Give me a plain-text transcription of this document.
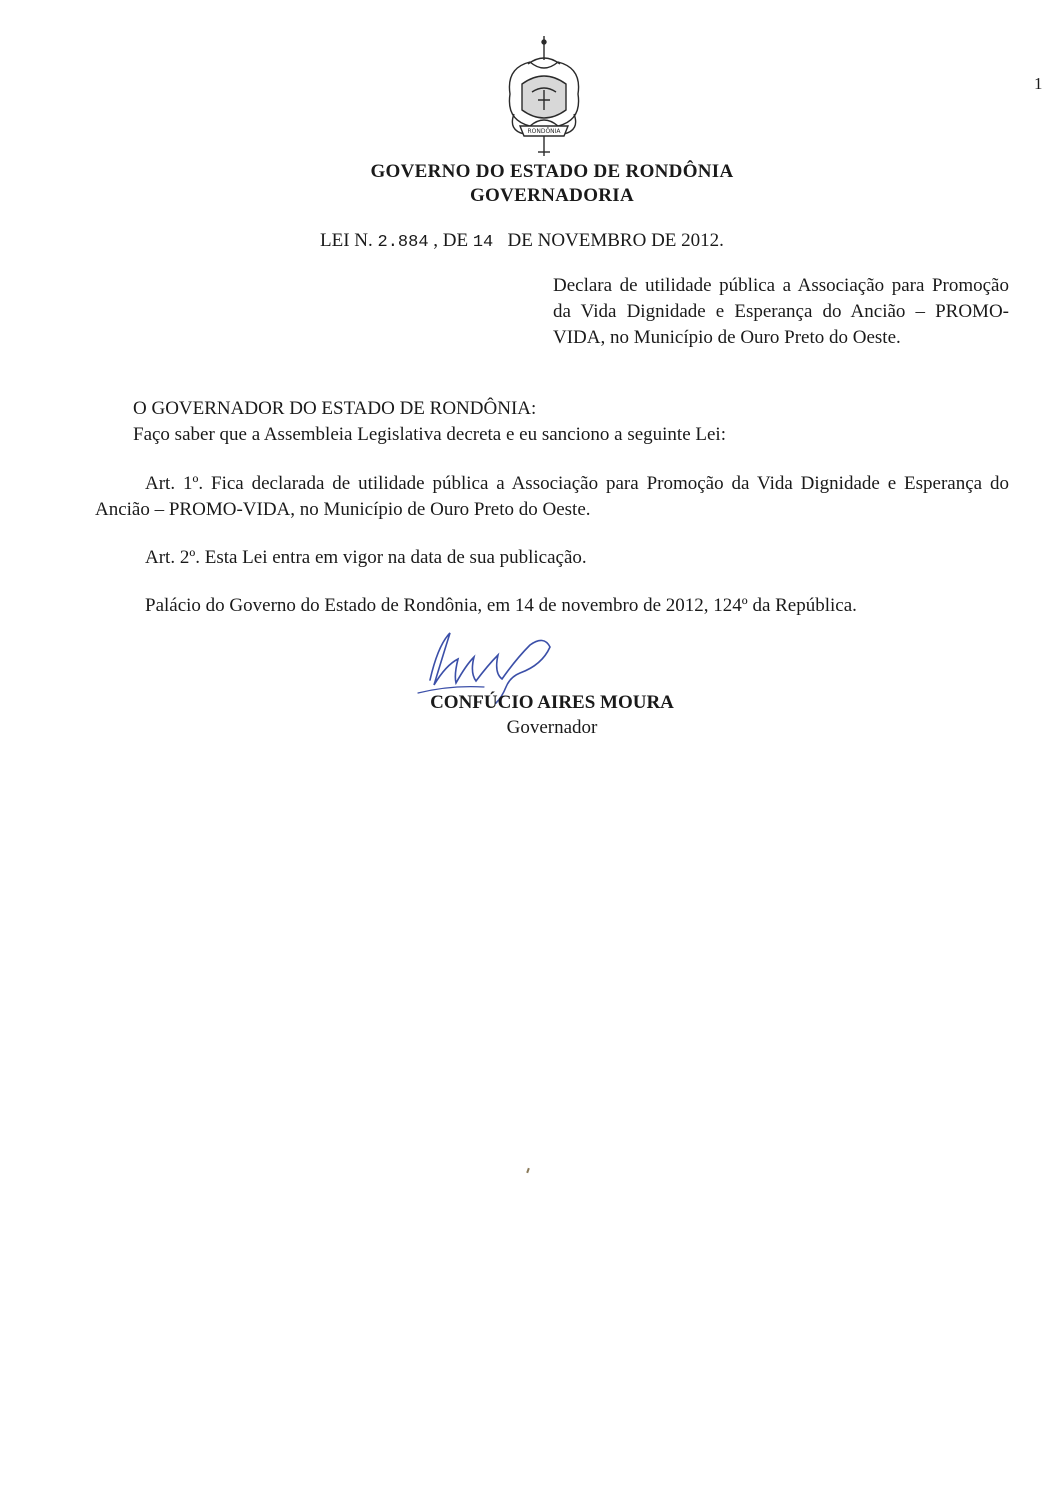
1
RONDÔNIA
GOVERNO DO ESTADO DE RONDÔNIA
GOVERNADORIA
LEI N. 2.884 , DE 14 DE NOVEMBRO DE 2012.
Declara de utilidade pública a Associação para Promoção da Vida Dignidade e Esperança do Ancião – PROMO-VIDA, no Município de Ouro Preto do Oeste.
O GOVERNADOR DO ESTADO DE RONDÔNIA:
Faço saber que a Assembleia Legislativa decreta e eu sanciono a seguinte Lei:
Art. 1º. Fica declarada de utilidade pública a Associação para Promoção da Vida Dignidade e Esperança do Ancião – PROMO-VIDA, no Município de Ouro Preto do Oeste.
Art. 2º. Esta Lei entra em vigor na data de sua publicação.
Palácio do Governo do Estado de Rondônia, em 14 de novembro de 2012, 124º da República.
CONFÚCIO AIRES MOURA
Governador
